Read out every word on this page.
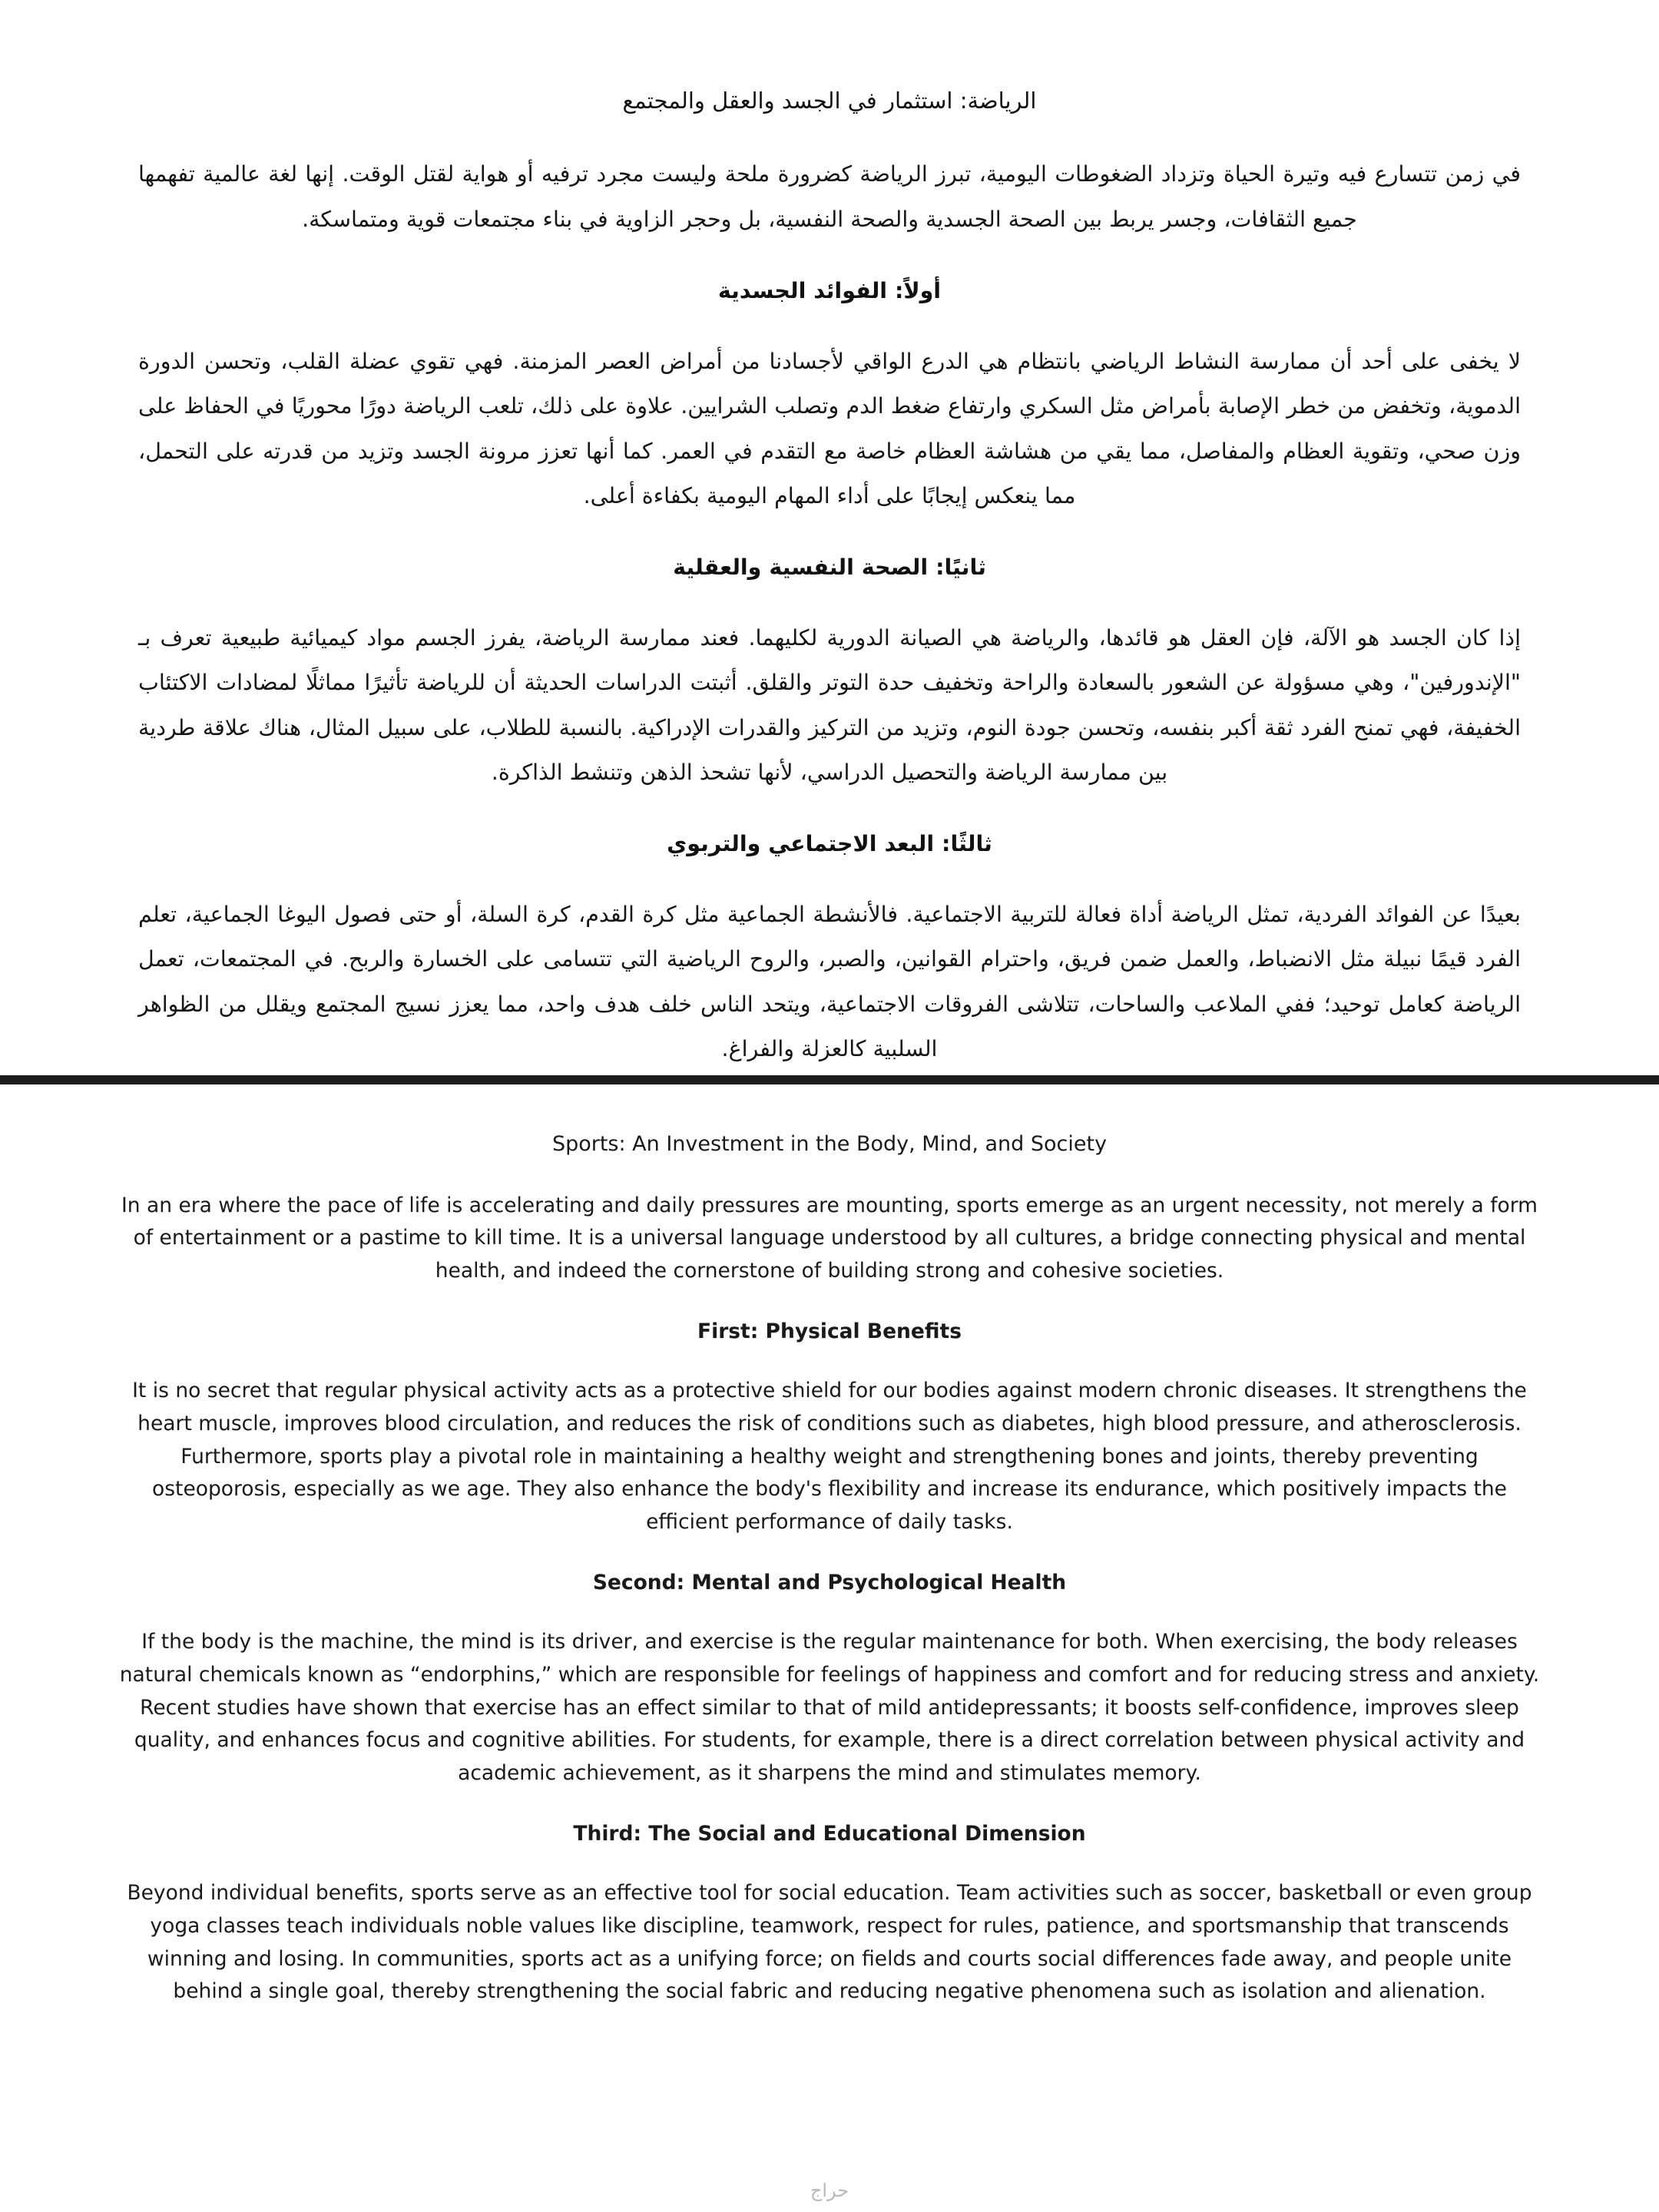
الرياضة: استثمار في الجسد والعقل والمجتمع

في زمن تتسارع فيه وتيرة الحياة وتزداد الضغوطات اليومية، تبرز الرياضة كضرورة ملحة وليست مجرد ترفيه أو هواية لقتل الوقت. إنها لغة عالمية تفهمها جميع الثقافات، وجسر يربط بين الصحة الجسدية والصحة النفسية، بل وحجر الزاوية في بناء مجتمعات قوية ومتماسكة.

أولاً: الفوائد الجسدية

لا يخفى على أحد أن ممارسة النشاط الرياضي بانتظام هي الدرع الواقي لأجسادنا من أمراض العصر المزمنة. فهي تقوي عضلة القلب، وتحسن الدورة الدموية، وتخفض من خطر الإصابة بأمراض مثل السكري وارتفاع ضغط الدم وتصلب الشرايين. علاوة على ذلك، تلعب الرياضة دورًا محوريًا في الحفاظ على وزن صحي، وتقوية العظام والمفاصل، مما يقي من هشاشة العظام خاصة مع التقدم في العمر. كما أنها تعزز مرونة الجسد وتزيد من قدرته على التحمل، مما ينعكس إيجابًا على أداء المهام اليومية بكفاءة أعلى.

ثانيًا: الصحة النفسية والعقلية

إذا كان الجسد هو الآلة، فإن العقل هو قائدها، والرياضة هي الصيانة الدورية لكليهما. فعند ممارسة الرياضة، يفرز الجسم مواد كيميائية طبيعية تعرف بـ "الإندورفين"، وهي مسؤولة عن الشعور بالسعادة والراحة وتخفيف حدة التوتر والقلق. أثبتت الدراسات الحديثة أن للرياضة تأثيرًا مماثلًا لمضادات الاكتئاب الخفيفة، فهي تمنح الفرد ثقة أكبر بنفسه، وتحسن جودة النوم، وتزيد من التركيز والقدرات الإدراكية. بالنسبة للطلاب، على سبيل المثال، هناك علاقة طردية بين ممارسة الرياضة والتحصيل الدراسي، لأنها تشحذ الذهن وتنشط الذاكرة.

ثالثًا: البعد الاجتماعي والتربوي

بعيدًا عن الفوائد الفردية، تمثل الرياضة أداة فعالة للتربية الاجتماعية. فالأنشطة الجماعية مثل كرة القدم، كرة السلة، أو حتى فصول اليوغا الجماعية، تعلم الفرد قيمًا نبيلة مثل الانضباط، والعمل ضمن فريق، واحترام القوانين، والصبر، والروح الرياضية التي تتسامى على الخسارة والربح. في المجتمعات، تعمل الرياضة كعامل توحيد؛ ففي الملاعب والساحات، تتلاشى الفروقات الاجتماعية، ويتحد الناس خلف هدف واحد، مما يعزز نسيج المجتمع ويقلل من الظواهر السلبية كالعزلة والفراغ.

Sports: An Investment in the Body, Mind, and Society

In an era where the pace of life is accelerating and daily pressures are mounting, sports emerge as an urgent necessity, not merely a form of entertainment or a pastime to kill time. It is a universal language understood by all cultures, a bridge connecting physical and mental health, and indeed the cornerstone of building strong and cohesive societies.

First: Physical Benefits

It is no secret that regular physical activity acts as a protective shield for our bodies against modern chronic diseases. It strengthens the heart muscle, improves blood circulation, and reduces the risk of conditions such as diabetes, high blood pressure, and atherosclerosis. Furthermore, sports play a pivotal role in maintaining a healthy weight and strengthening bones and joints, thereby preventing osteoporosis, especially as we age. They also enhance the body's flexibility and increase its endurance, which positively impacts the efficient performance of daily tasks.

Second: Mental and Psychological Health

If the body is the machine, the mind is its driver, and exercise is the regular maintenance for both. When exercising, the body releases natural chemicals known as “endorphins,” which are responsible for feelings of happiness and comfort and for reducing stress and anxiety. Recent studies have shown that exercise has an effect similar to that of mild antidepressants; it boosts self-confidence, improves sleep quality, and enhances focus and cognitive abilities. For students, for example, there is a direct correlation between physical activity and academic achievement, as it sharpens the mind and stimulates memory.

Third: The Social and Educational Dimension

Beyond individual benefits, sports serve as an effective tool for social education. Team activities such as soccer, basketball or even group yoga classes teach individuals noble values like discipline, teamwork, respect for rules, patience, and sportsmanship that transcends winning and losing. In communities, sports act as a unifying force; on fields and courts social differences fade away, and people unite behind a single goal, thereby strengthening the social fabric and reducing negative phenomena such as isolation and alienation.

حراج
